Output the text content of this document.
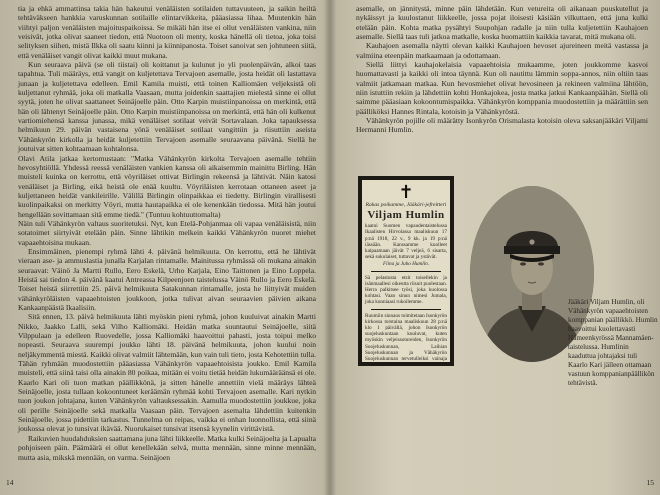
tia ja ehkä ammattinsa takia hän hakeutui venäläisten sotilaiden tuttavuuteen, ja saikin heiltä tehtäväkseen hankkia varuskunnan sotilaille elintarvikkeita, pääasiassa lihaa. Muutenkin hän viihtyi paljon venäläisten majoituspaikoissa. Se mikäli hän itse ei ollut venäläisten vankina, niin veisivät, jotka olivat saaneet tiedon, että Nuotoon oli menty, koska hänellä oli tietoa, joka toisi selityksen siihen, mistä Ilkka oli saatu kiinni ja kiinnipanosta. Toiset sanoivat sen johtuneen siitä, että venäläiset vangit olivat kaikki muut mukana.

Kun seuraava päivä (se oli tiistai) oli koittanut ja kulunut jo yli puolenpäivän, alkoi taas tapahtua. Tuli määräys, että vangit on kuljetettava Tervajoen asemalle, josta heidät oli lastattava junaan ja kuljetettava edelleen. Emil Kamila muisti, että toinen Kalliomäen veljeksistä oli kuljettanut ryhmää, joka oli matkalla Vaasaan, mutta joidenkin saattajien mielestä sinne ei ollut syytä, joten he olivat saattaneet Seinäjoelle päin. Otto Karpin muistiinpanoissa on merkintä, että hän oli lähtenyt Seinäjoelle päin. Otto Karpin muistiinpanoissa on merkintä, että hän oli kulkenut vartiomiehensä kanssa junassa, mikä venäläiset sotilaat veivät Sortavalaan. Joka tapauksessa helmikuun 29. päivän vastaisena yönä venäläiset sotilaat vangittiin ja riisuttiin aseista Vähänkyrön kirkolla ja heidät kuljetettiin Tervajoen asemalle seuraavana päivänä. Siellä he joutuivat sitten kohtaamaan kohtalonsa.

Olavi Atila jatkaa kertomustaan: "Matka Vähänkyrön kirkolta Tervajoen asemalle tehtiin hevosyhtiöllä. Yhdessä reessä venäläisten vankien kanssa oli aikaisemmin mainittu Birling. Hän muisteli kuinka on kerrottu, että vöyriläiset ottivat Birlingin rekeensä ja lähtivät. Näin katosi venäläiset ja Birling, eikä heistä ole enää kuultu. Vöyriläisten kerrotaan ottaneen aseet ja kuljettaneen heidät vankileirille. Välillä Birlingin olinpaikkaa ei tiedetty. Birlingin virallisesti kuolinpaikaksi on merkitty Vöyri, mutta hautapaikka ei ole kenenkään tiedossa. Mitä hän joutui hengellään sovittamaan sitä emme tiedä." (Tuntuu kohtuuttomalta)

Näin tuli Vähänkyrön valtaus suoritetuksi. Nyt, kun Etelä-Pohjanmaa oli vapaa venäläisistä, niin sotatoimet siirtyivät etelään päin. Sinne lähtikin melkein kaikki Vähänkyrön nuoret miehet vapaaehtoisina mukaan.

Ensimmäinen, pienempi ryhmä lähti 4. päivänä helmikuuta. On kerrottu, että he lähtivät vieraan ase- ja ammuslastia junalla Karjalan rintamalle. Mainitussa ryhmässä oli mukana ainakin seuraavat: Väinö Ja Martti Rullo, Eero Eskelä, Urho Karjala, Eino Taittonen ja Eino Loppela. Heistä sai tiedon 4. päivänä kaatui Antreassa Kilpeenjoen taistelussa Väinö Rullo ja Eero Eskelä. Toiset heistä siirrettiin 25. päivä helmikuuta Satakunnan rintamalle, josta he liittyivät muiden vähänkyröläisten vapaaehtoisten joukkoon, jotka tulivat aivan seuraavien päivien aikana Kankaanpäästä Ikaalisiin.

Sitä ennen, 13. päivä helmikuuta lähti myöskin pieni ryhmä, johon kuuluivat ainakin Martti Nikko, Jaakko Lalli, sekä Vilho Kalliomäki. Heidän matka suuntautui Seinäjoelle, siitä Vilppulaan ja edelleen Ruovedelle, jossa Kalliomäki haavoittui pahasti, josta toipui melko nopeasti. Seuraava suurempi joukko lähti 18. päivänä helmikuuta, johon kuului noin neljäkymmentä miestä. Kaikki olivat valmiit lähtemään, kun vain tuli tieto, josta Kehotettiin tulla. Tähän ryhmään muodostettiin pääasiassa Vähänkyrön vapaaehtoisista joukko. Emil Kamila muisteli, että siinä taisi olla ainakin 80 poikaa, mitään ei voitu tietää heidän lukumääräänsä ei ole. Kaarlo Kari oli tuon matkan päällikkönä, ja sitten hänelle annettiin vielä määräys lähteä Seinäjoelle, josta tullaan kokoontuneet keräämän ryhmää kohti Tervajoen asemalle. Kari nytkin tuon joukon johtajana, kuten Vähänkyrön valtauksessakin. Aamulla muodostettiin joukkue, joka oli perille Seinäjoelle sekä matkalla Vaasaan päin. Tervajoen asemalta lähdettiin kuitenkin Seinäjoelle, jossa pidettiin tarkastus. Tunnelma on reipas, vaikka ei onhan luonnollista, että siinä joukossa olevat jo tunsivat ikävää. Nuorukaiset tunsivat itsensä kyynelin virittävistä.

Raikuvien huudahduksien saattamana juna lähti liikkeelle. Matka kulki Seinäjoelta ja Lapualta pohjoiseen päin. Päämäärä ei ollut kenellekään selvä, mutta mennään, sinne minne mennään, mutta asia, mikskä mennään, on varma. Seinäjoen

14

asemalle, on jännitystä, minne päin lähdetään. Kun vetureita oli aikanaan puuskutellut ja nykäissyt ja kuulostanut liikkeelle, jossa pojat iloisesti käsiään vilkuttaen, että juna kulki etelään päin. Kohta matka pysähtyi Suupohjan radalle ja niin tulla kuljetettiin Kauhajoen asemalle. Siellä taas tuli jatkoa matkalle, koska huomattiin kaikkia tavarat, mitä mukana oli.

Kauhajoen asemalla näytti olevan kaikki Kauhajoen hevoset ajureineen meitä vastassa ja valmiina eteenpäin matkaamaan ja odottamaan.

Siellä liittyi kauhajokelaisia vapaaehtoisia mukaamme, joten joukkomme kasvoi huomattavasti ja kaikki oli intoa täynnä. Kun oli nautittu lämmin soppa-annos, niin oltiin taas valmiit jatkamaan matkaa. Kun hevosmiehet olivat hevosineen ja rekineen valmiina lähtöön, niin istuttiin rekiin ja lähdettiin kohti Honkajokea, josta matka jatkui Kankaanpäähän. Siellä oli saimme pääasiaan kokoontumispaikka. Vähänkyrön komppania muodostettiin ja määrättiin sen päälliköksi Hannes Rintala, kotoisin ja Vähänkyröstä.

Vähänkyrön pojille oli määrätty Isonkyrön Orismalasta kotoisin oleva saksanjääkäri Viljami Hermanni Humlin.

✝
Rakas poikamme, Jääkäri-jefreitteri
Viljam Humlin
kaatui Suomen vapaudentaistelussa Ikaalisten Hirvolassa maaliskuun 17 p:nä 1918, 22 v., 9 kk. ja 19 p:nä iässään. Kanssamme kuolleet kaipaamaan jäivät 7 veljeä, 6 sisarta, sekä sukulaiset, tuttavat ja ystävät.
Fiina ja Juho Humlin.
Sä pelastusta etsit toisellekin ja isänmaallesi oikeutta riisuit puolestaan. Herra palkitsee työsi, joka kuolossa kohtasi. Vaan sinun nimesi Jumala, joka kunniaasi rukoilemme.
Ruumiin siunaus toimitetaan Isonkyrön kirkossa torstaina maaliskuun 28 p:nä klo 1 päivällä, johon Isonkyrön suojeluskuntaan kuuluvat, kuten myöskin veljeissotureiden, Isonkyrön Suojeluskunnan, Laihian Suojeluskunnan ja Vähäkyrön Suojeluskunnan tervetulleiksi vainaja sankarikuolemansa saavutti.
Jääkäri Viljam Humlin, oli Vähänkyrön vapaaehtoisten komppanian päällikkö. Humlin haavoittui kuolettavasti Hämeenkyrössä Mannamäen-taistelussa. Humlinin kaaduttua johtajaksi tuli Kaarlo Kari jälleen ottamaan vastuun komppanianpäällikön tehtävistä.
15
